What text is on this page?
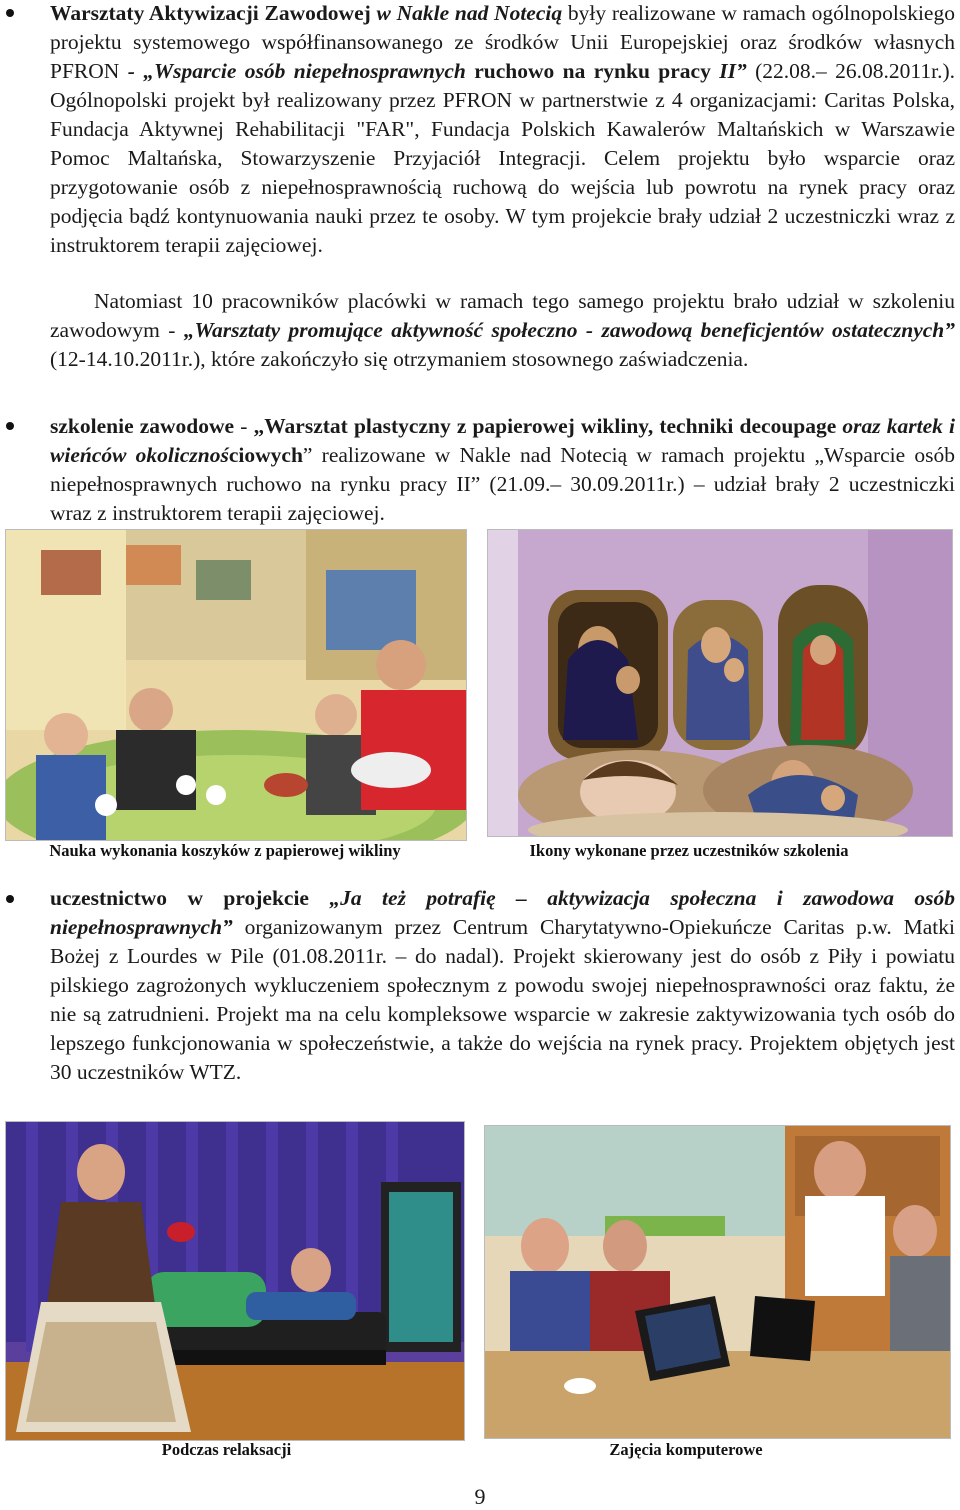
Warsztaty Aktywizacji Zawodowej w Nakle nad Notecią były realizowane w ramach ogólnopolskiego projektu systemowego współfinansowanego ze środków Unii Europejskiej oraz środków własnych PFRON - „Wsparcie osób niepełnosprawnych ruchowo na rynku pracy II” (22.08.– 26.08.2011r.). Ogólnopolski projekt był realizowany przez PFRON w partnerstwie z 4 organizacjami: Caritas Polska, Fundacja Aktywnej Rehabilitacji "FAR", Fundacja Polskich Kawalerów Maltańskich w Warszawie Pomoc Maltańska, Stowarzyszenie Przyjaciół Integracji. Celem projektu było wsparcie oraz przygotowanie osób z niepełnosprawnością ruchową do wejścia lub powrotu na rynek pracy oraz podjęcia bądź kontynuowania nauki przez te osoby. W tym projekcie brały udział 2 uczestniczki wraz z instruktorem terapii zajęciowej.
Natomiast 10 pracowników placówki w ramach tego samego projektu brało udział w szkoleniu zawodowym - „Warsztaty promujące aktywność społeczno - zawodową beneficjentów ostatecznych” (12-14.10.2011r.), które zakończyło się otrzymaniem stosownego zaświadczenia.
szkolenie zawodowe - „Warsztat plastyczny z papierowej wikliny, techniki decoupage oraz kartek i wieńców okolicznościowych” realizowane w Nakle nad Notecią w ramach projektu „Wsparcie osób niepełnosprawnych ruchowo na rynku pracy II” (21.09.– 30.09.2011r.) – udział brały 2 uczestniczki wraz z instruktorem terapii zajęciowej.
Nauka wykonania koszyków z papierowej wikliny	Ikony wykonane przez uczestników szkolenia
uczestnictwo w projekcie „Ja też potrafię – aktywizacja społeczna i zawodowa osób niepełnosprawnych” organizowanym przez Centrum Charytatywno-Opiekuńcze Caritas p.w. Matki Bożej z Lourdes w Pile (01.08.2011r. – do nadal). Projekt skierowany jest do osób z Piły i powiatu pilskiego zagrożonych wykluczeniem społecznym z powodu swojej niepełnosprawności oraz faktu, że nie są zatrudnieni. Projekt ma na celu kompleksowe wsparcie w zakresie zaktywizowania tych osób do lepszego funkcjonowania w społeczeństwie, a także do wejścia na rynek pracy. Projektem objętych jest 30 uczestników WTZ.
Podczas relaksacji	Zajęcia komputerowe
9
